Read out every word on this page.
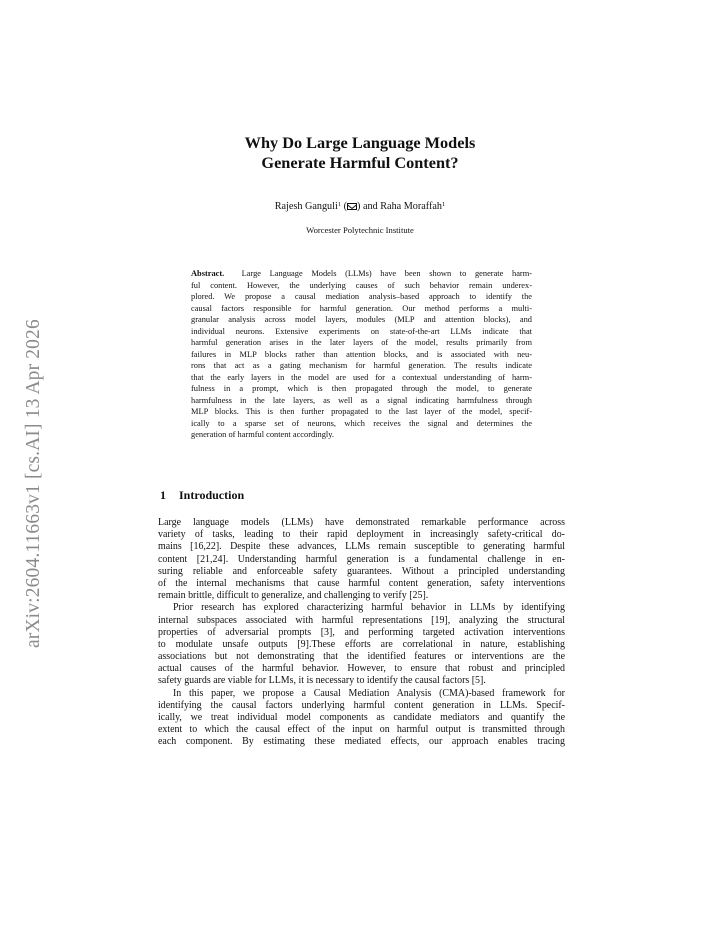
arXiv:2604.11663v1 [cs.AI] 13 Apr 2026
Why Do Large Language Models
Generate Harmful Content?
Rajesh Ganguli$^1$ ( ) and Raha Moraffah$^1$
Worcester Polytechnic Institute
Abstract. Large Language Models (LLMs) have been shown to generate harm-
ful content. However, the underlying causes of such behavior remain underex-
plored. We propose a causal mediation analysis–based approach to identify the
causal factors responsible for harmful generation. Our method performs a multi-
granular analysis across model layers, modules (MLP and attention blocks), and
individual neurons. Extensive experiments on state-of-the-art LLMs indicate that
harmful generation arises in the later layers of the model, results primarily from
failures in MLP blocks rather than attention blocks, and is associated with neu-
rons that act as a gating mechanism for harmful generation. The results indicate
that the early layers in the model are used for a contextual understanding of harm-
fulness in a prompt, which is then propagated through the model, to generate
harmfulness in the late layers, as well as a signal indicating harmfulness through
MLP blocks. This is then further propagated to the last layer of the model, specif-
ically to a sparse set of neurons, which receives the signal and determines the
generation of harmful content accordingly.
1 Introduction
Large language models (LLMs) have demonstrated remarkable performance across
variety of tasks, leading to their rapid deployment in increasingly safety-critical do-
mains [16,22]. Despite these advances, LLMs remain susceptible to generating harmful
content [21,24]. Understanding harmful generation is a fundamental challenge in en-
suring reliable and enforceable safety guarantees. Without a principled understanding
of the internal mechanisms that cause harmful content generation, safety interventions
remain brittle, difficult to generalize, and challenging to verify [25].
Prior research has explored characterizing harmful behavior in LLMs by identifying
internal subspaces associated with harmful representations [19], analyzing the structural
properties of adversarial prompts [3], and performing targeted activation interventions
to modulate unsafe outputs [9].These efforts are correlational in nature, establishing
associations but not demonstrating that the identified features or interventions are the
actual causes of the harmful behavior. However, to ensure that robust and principled
safety guards are viable for LLMs, it is necessary to identify the causal factors [5].
In this paper, we propose a Causal Mediation Analysis (CMA)-based framework for
identifying the causal factors underlying harmful content generation in LLMs. Specif-
ically, we treat individual model components as candidate mediators and quantify the
extent to which the causal effect of the input on harmful output is transmitted through
each component. By estimating these mediated effects, our approach enables tracing
